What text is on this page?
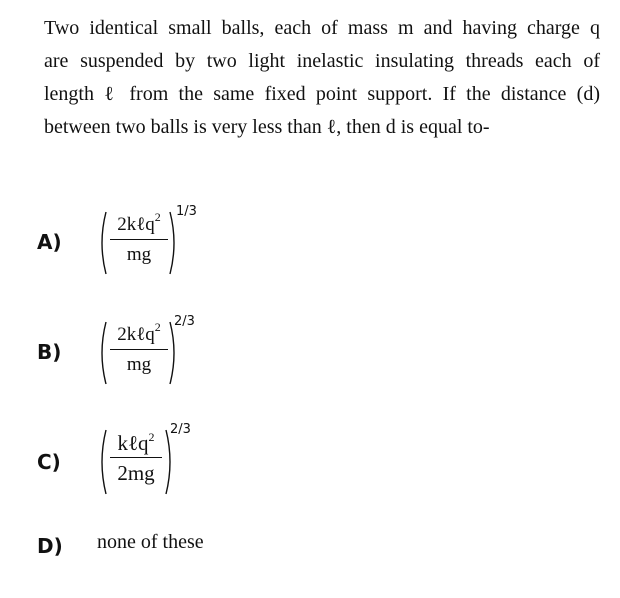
Two identical small balls, each of mass m and having charge q
are suspended by two light inelastic insulating threads each of
length ℓ from the same fixed point support. If the distance (d)
between two balls is very less than ℓ, then d is equal to-
A)
2kℓq$^2$
mg
1/3
B)
2kℓq$^2$
mg
2/3
C)
kℓq$^2$
2mg
2/3
D) none of these
